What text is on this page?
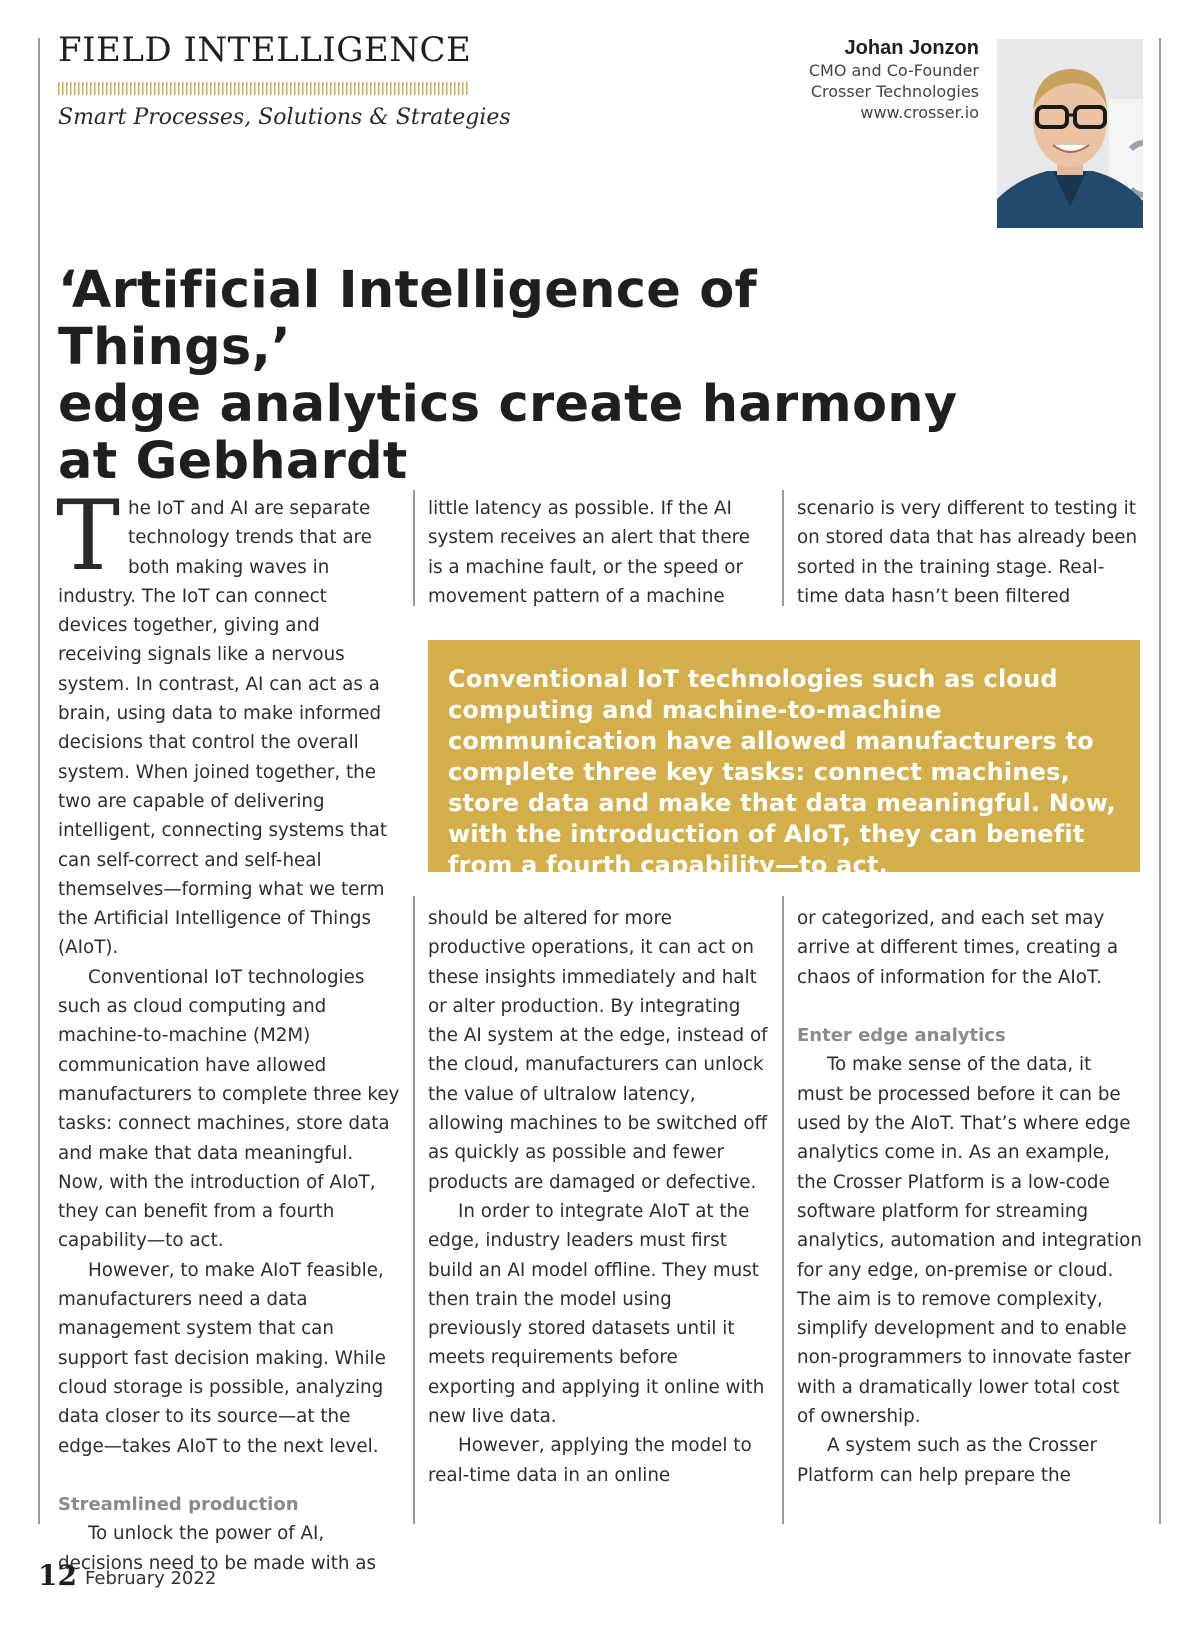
FIELD INTELLIGENCE
Smart Processes, Solutions & Strategies
Johan Jonzon
CMO and Co-Founder
Crosser Technologies
www.crosser.io
‘Artificial Intelligence of Things,’
edge analytics create harmony
at Gebhardt

The IoT and AI are separate technology trends that are both making waves in industry. The IoT can connect devices together, giving and receiving signals like a nervous system. In contrast, AI can act as a brain, using data to make informed decisions that control the overall system. When joined together, the two are capable of delivering intelligent, connecting systems that can self-correct and self-heal themselves—forming what we term the Artificial Intelligence of Things (AIoT).

Conventional IoT technologies such as cloud computing and machine-to-machine (M2M) communication have allowed manufacturers to complete three key tasks: connect machines, store data and make that data meaningful. Now, with the introduction of AIoT, they can benefit from a fourth capability—to act.

However, to make AIoT feasible, manufacturers need a data management system that can support fast decision making. While cloud storage is possible, analyzing data closer to its source—at the edge—takes AIoT to the next level.

Streamlined production

To unlock the power of AI, decisions need to be made with as

little latency as possible. If the AI system receives an alert that there is a machine fault, or the speed or movement pattern of a machine

scenario is very different to testing it on stored data that has already been sorted in the training stage. Real-time data hasn’t been filtered

Conventional IoT technologies such as cloud computing and machine-to-machine communication have allowed manufacturers to complete three key tasks: connect machines, store data and make that data meaningful. Now, with the introduction of AIoT, they can benefit from a fourth capability—to act.

should be altered for more productive operations, it can act on these insights immediately and halt or alter production. By integrating the AI system at the edge, instead of the cloud, manufacturers can unlock the value of ultralow latency, allowing machines to be switched off as quickly as possible and fewer products are damaged or defective.

In order to integrate AIoT at the edge, industry leaders must first build an AI model offline. They must then train the model using previously stored datasets until it meets requirements before exporting and applying it online with new live data.

However, applying the model to real-time data in an online

or categorized, and each set may arrive at different times, creating a chaos of information for the AIoT.

Enter edge analytics

To make sense of the data, it must be processed before it can be used by the AIoT. That’s where edge analytics come in. As an example, the Crosser Platform is a low-code software platform for streaming analytics, automation and integration for any edge, on-premise or cloud. The aim is to remove complexity, simplify development and to enable non-programmers to innovate faster with a dramatically lower total cost of ownership.

A system such as the Crosser Platform can help prepare the

12 February 2022
